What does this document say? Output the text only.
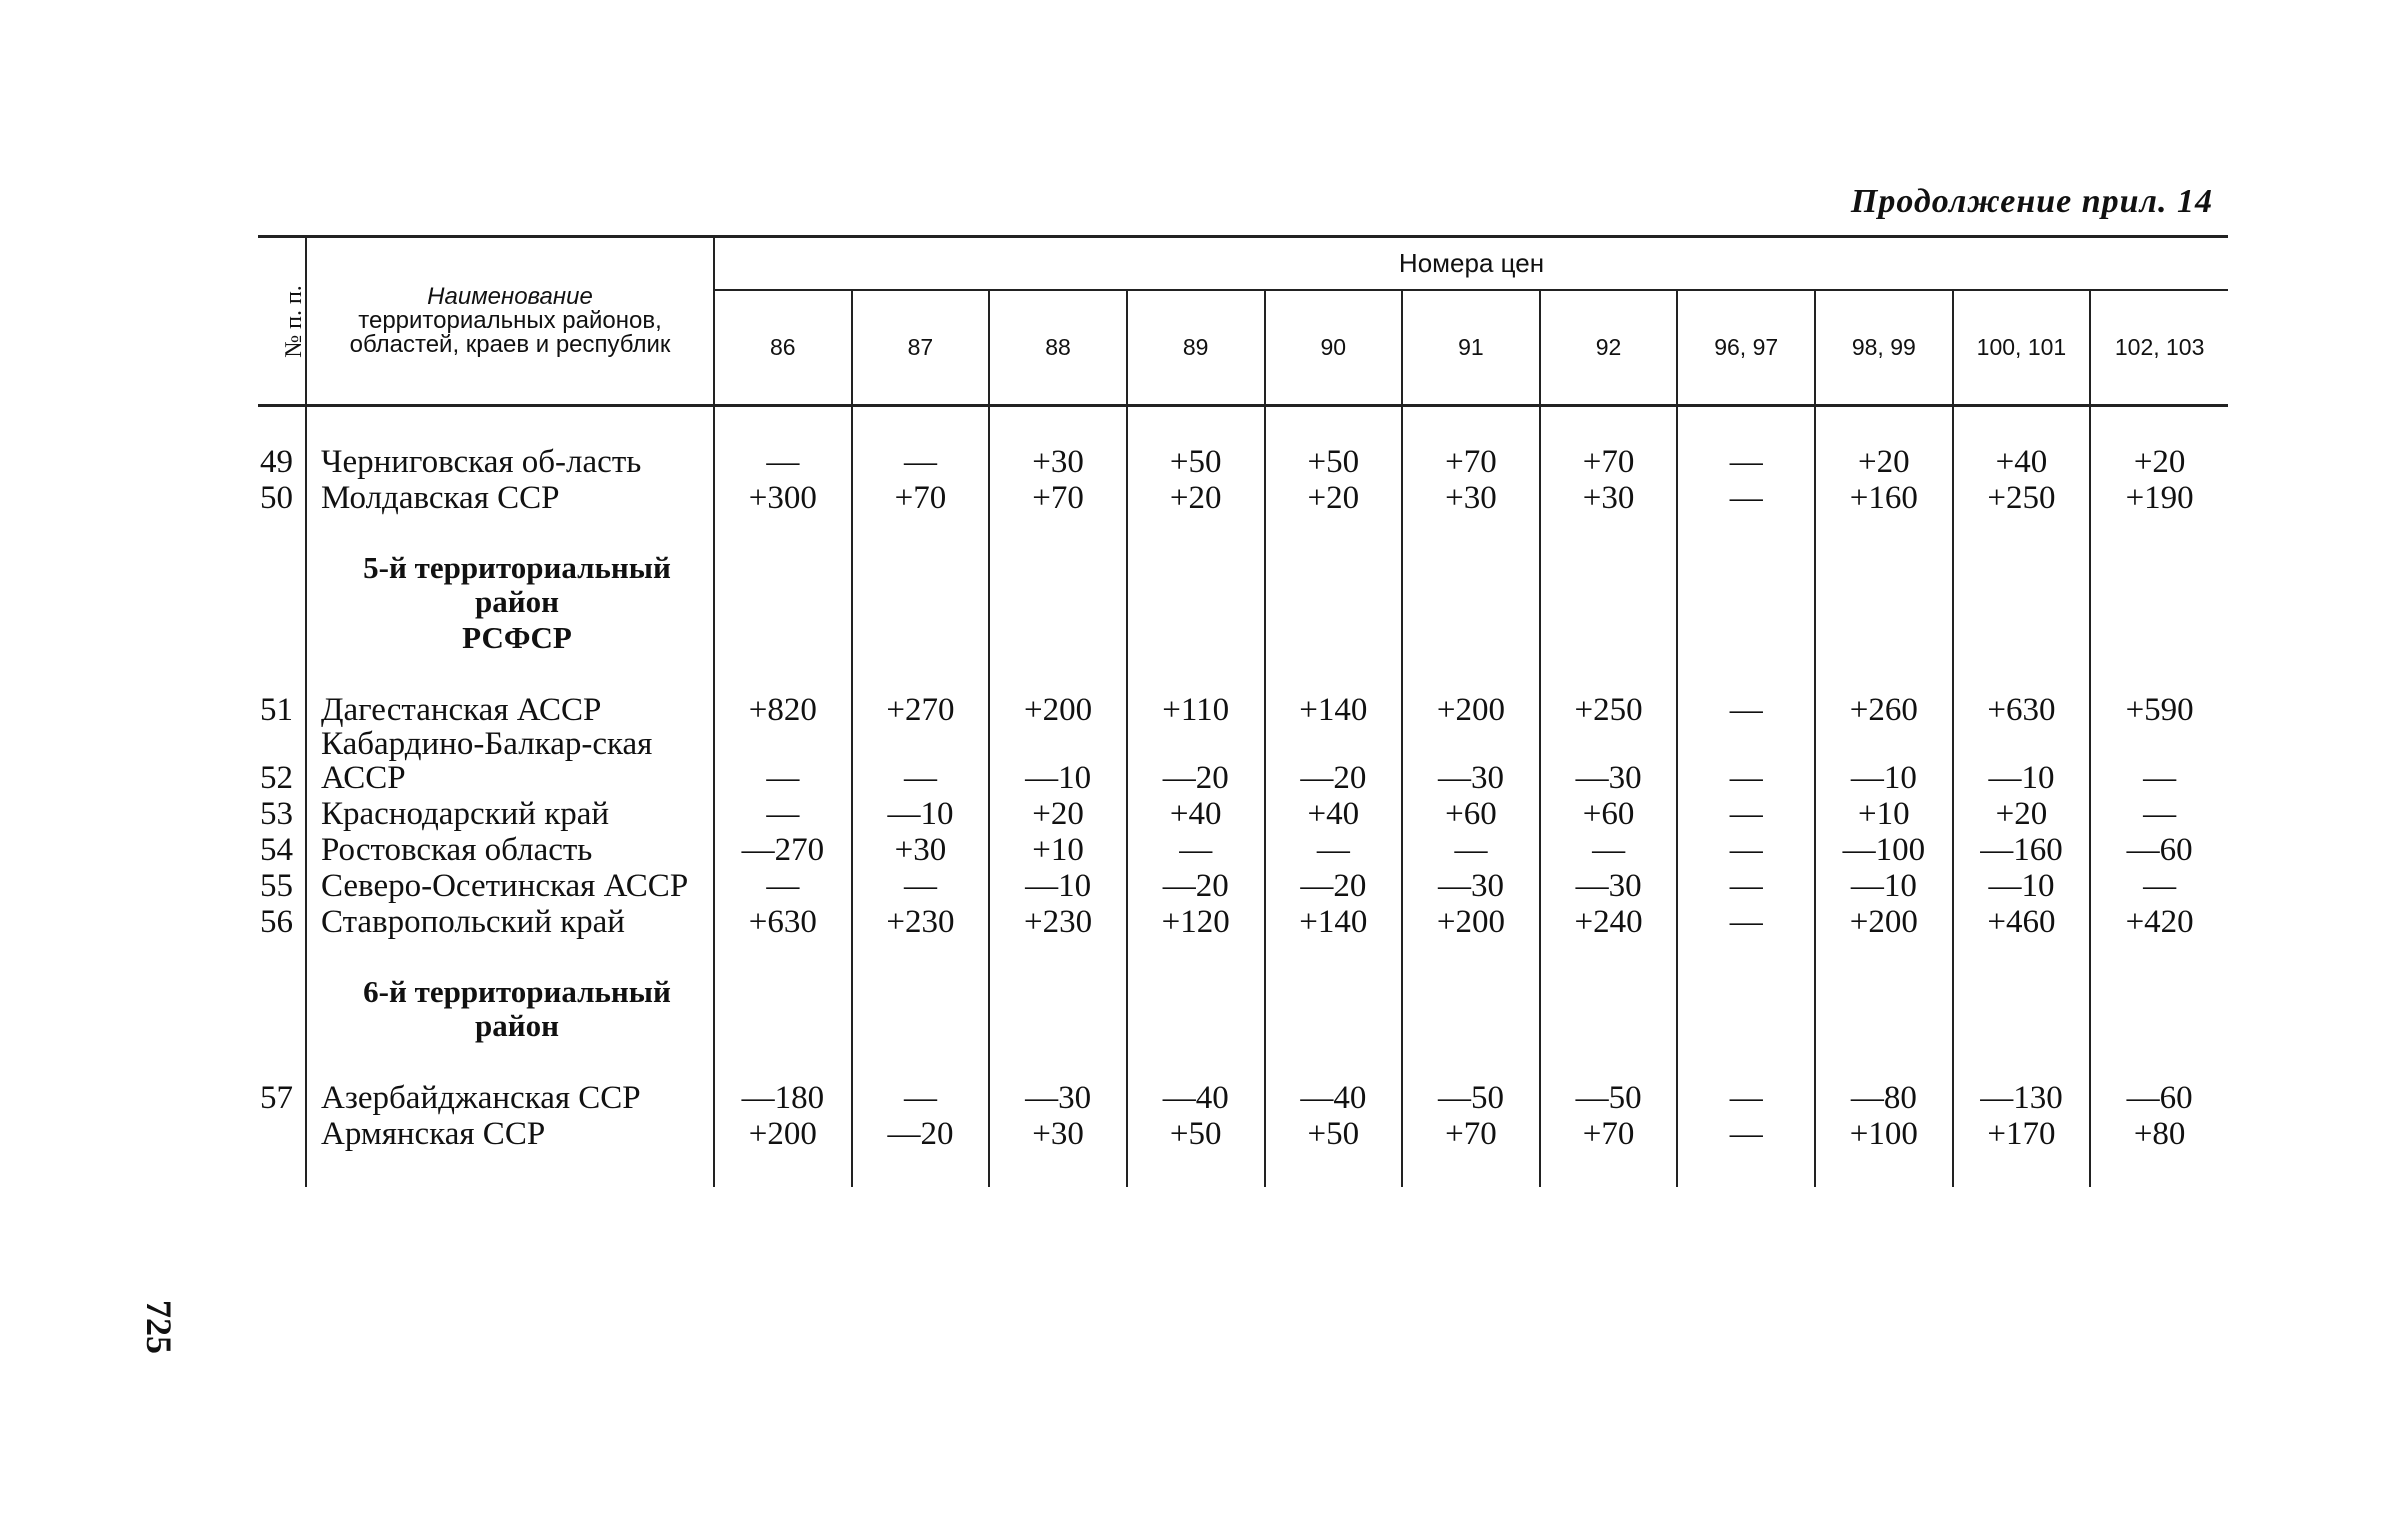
Продолжение прил. 14
№ п. п.	Наименование
территориальных районов, областей, краев и республик	Номера цен										
		86	87	88	89	90	91	92	96, 97	98, 99	100, 101	102, 103

49	Черниговская об-ласть	—	—	+30	+50	+50	+70	+70	—	+20	+40	+20
50	Молдавская ССР	+300	+70	+70	+20	+20	+30	+30	—	+160	+250	+190

	5-й территориальный район											
	РСФСР											

51	Дагестанская АССР	+820	+270	+200	+110	+140	+200	+250	—	+260	+630	+590
52	Кабардино-Балкар-ская АССР	—	—	—10	—20	—20	—30	—30	—	—10	—10	—
53	Краснодарский край	—	—10	+20	+40	+40	+60	+60	—	+10	+20	—
54	Ростовская область	—270	+30	+10	—	—	—	—	—	—100	—160	—60
55	Северо-Осетинская АССР	—	—	—10	—20	—20	—30	—30	—	—10	—10	—
56	Ставропольский край	+630	+230	+230	+120	+140	+200	+240	—	+200	+460	+420

	6-й территориальный район											

57	Азербайджанская ССР	—180	—	—30	—40	—40	—50	—50	—	—80	—130	—60
	Армянская ССР	+200	—20	+30	+50	+50	+70	+70	—	+100	+170	+80

725
